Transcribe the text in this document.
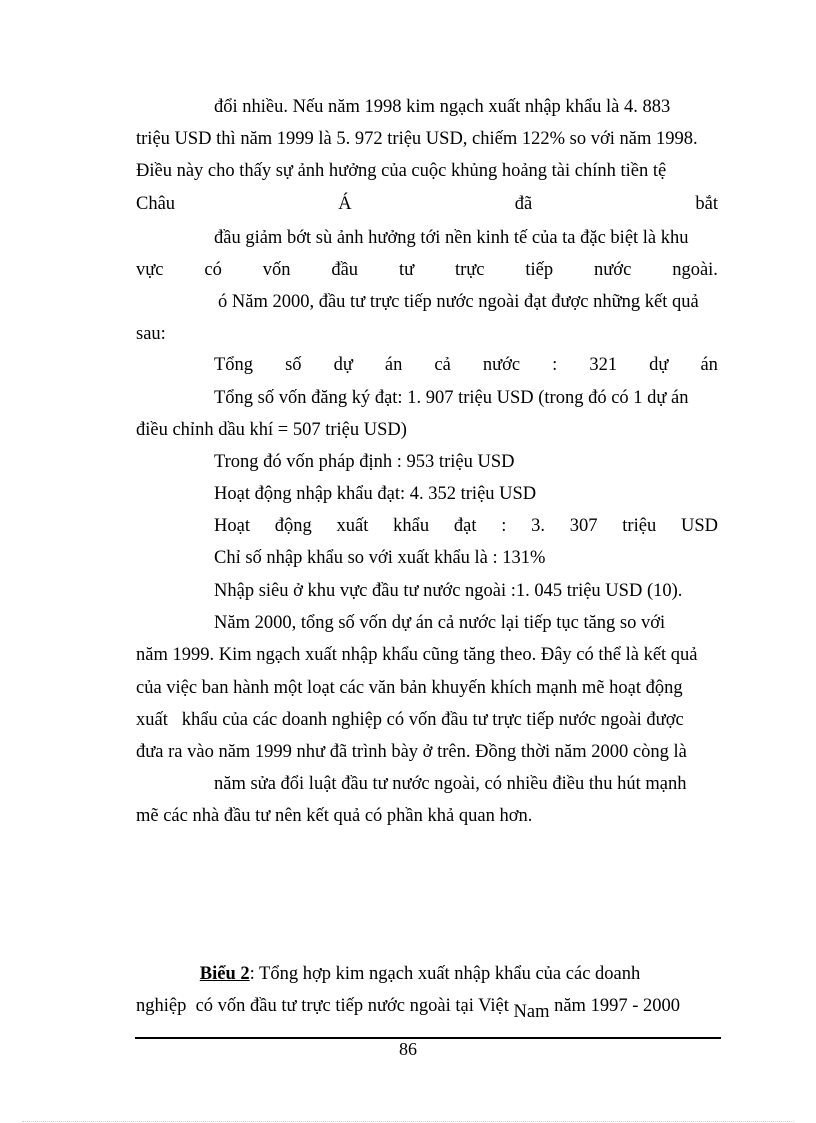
đổi nhiều. Nếu năm 1998 kim ngạch xuất nhập khẩu là 4. 883
triệu USD thì năm 1999 là 5. 972 triệu USD, chiếm 122% so với năm 1998.
Điều này cho thấy sự ảnh hưởng của cuộc khủng hoảng tài chính tiền tệ
Châu	Á	đã	bắt
đầu giảm bớt sù ảnh hưởng tới nền kinh tế của ta đặc biệt là khu
vực có vốn đầu tư trực tiếp nước ngoài.
ó Năm 2000, đầu tư trực tiếp nước ngoài đạt được những kết quả
sau:
Tổng số dự án cả nước : 321 dự án
Tổng số vốn đăng ký đạt: 1. 907 triệu USD (trong đó có 1 dự án
điều chỉnh dầu khí = 507 triệu USD)
Trong đó vốn pháp định : 953 triệu USD
Hoạt động nhập khẩu đạt: 4. 352 triệu USD
Hoạt động xuất khẩu đạt : 3. 307 triệu USD
Chỉ số nhập khẩu so với xuất khẩu là : 131%
Nhập siêu ở khu vực đầu tư nước ngoài :1. 045 triệu USD (10).
Năm 2000, tổng số vốn dự án cả nước lại tiếp tục tăng so với
năm 1999. Kim ngạch xuất nhập khẩu cũng tăng theo. Đây có thể là kết quả
của việc ban hành một loạt các văn bản khuyến khích mạnh mẽ hoạt động
xuất   khẩu của các doanh nghiệp có vốn đầu tư trực tiếp nước ngoài được
đưa ra vào năm 1999 như đã trình bày ở trên. Đồng thời năm 2000 còng là
năm sửa đổi luật đầu tư nước ngoài, có nhiều điều thu hút mạnh
mẽ các nhà đầu tư nên kết quả có phần khả quan hơn.
Biểu 2: Tổng hợp kim ngạch xuất nhập khẩu của các doanh
nghiệp  có vốn đầu tư trực tiếp nước ngoài tại Việt Nam năm 1997 - 2000
86
